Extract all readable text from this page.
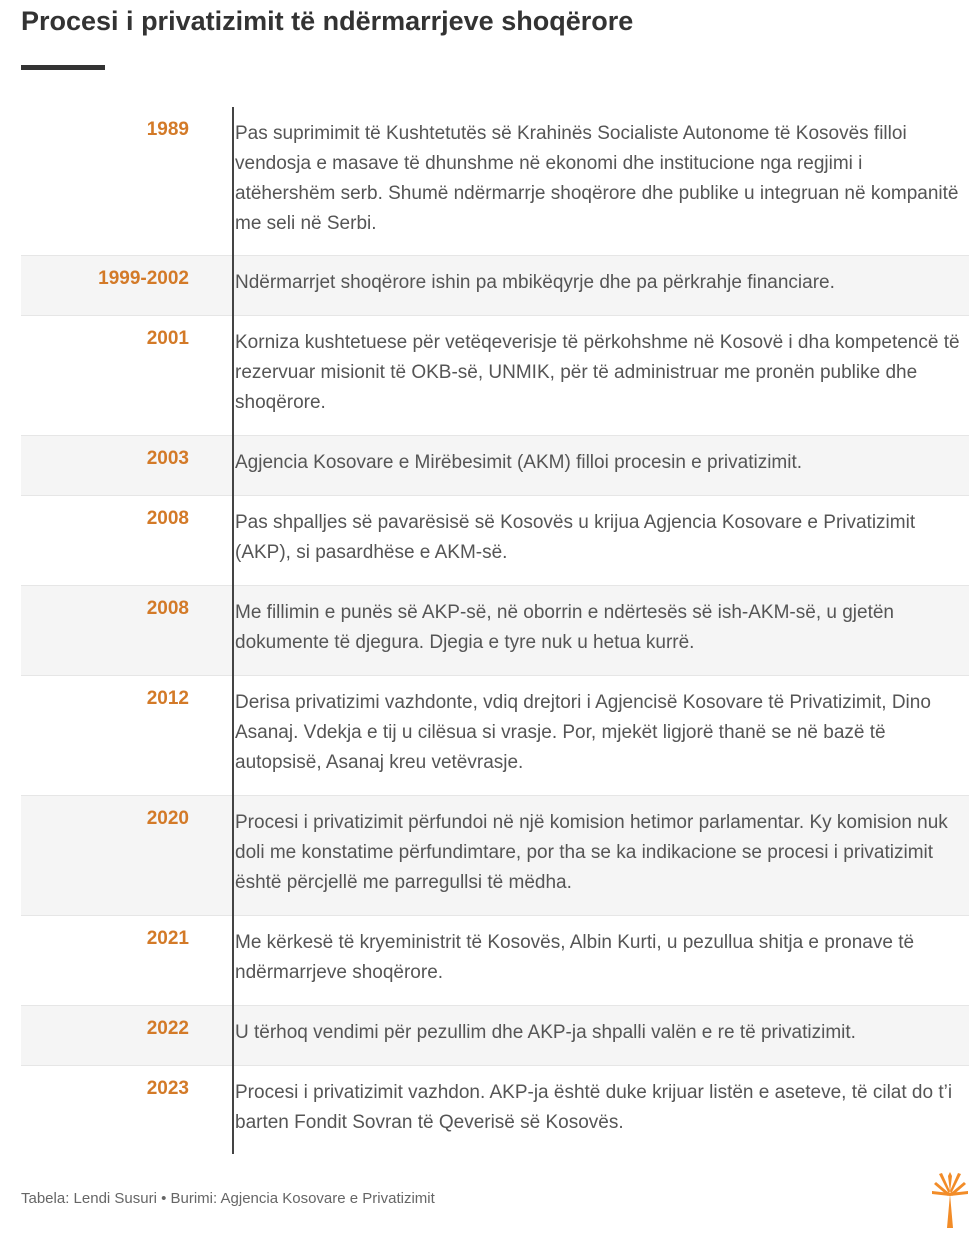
Procesi i privatizimit të ndërmarrjeve shoqërore
1989	Pas suprimimit të Kushtetutës së Krahinës Socialiste Autonome të Kosovës filloi vendosja e masave të dhunshme në ekonomi dhe institucione nga regjimi i atëhershëm serb. Shumë ndërmarrje shoqërore dhe publike u integruan në kompanitë me seli në Serbi.
1999-2002	Ndërmarrjet shoqërore ishin pa mbikëqyrje dhe pa përkrahje financiare.
2001	Korniza kushtetuese për vetëqeverisje të përkohshme në Kosovë i dha kompetencë të rezervuar misionit të OKB-së, UNMIK, për të administruar me pronën publike dhe shoqërore.
2003	Agjencia Kosovare e Mirëbesimit (AKM) filloi procesin e privatizimit.
2008	Pas shpalljes së pavarësisë së Kosovës u krijua Agjencia Kosovare e Privatizimit (AKP), si pasardhëse e AKM-së.
2008	Me fillimin e punës së AKP-së, në oborrin e ndërtesës së ish-AKM-së, u gjetën dokumente të djegura. Djegia e tyre nuk u hetua kurrë.
2012	Derisa privatizimi vazhdonte, vdiq drejtori i Agjencisë Kosovare të Privatizimit, Dino Asanaj. Vdekja e tij u cilësua si vrasje. Por, mjekët ligjorë thanë se në bazë të autopsisë, Asanaj kreu vetëvrasje.
2020	Procesi i privatizimit përfundoi në një komision hetimor parlamentar. Ky komision nuk doli me konstatime përfundimtare, por tha se ka indikacione se procesi i privatizimit është përcjellë me parregullsi të mëdha.
2021	Me kërkesë të kryeministrit të Kosovës, Albin Kurti, u pezullua shitja e pronave të ndërmarrjeve shoqërore.
2022	U tërhoq vendimi për pezullim dhe AKP-ja shpalli valën e re të privatizimit.
2023	Procesi i privatizimit vazhdon. AKP-ja është duke krijuar listën e aseteve, të cilat do t’i barten Fondit Sovran të Qeverisë së Kosovës.
Tabela: Lendi Susuri • Burimi: Agjencia Kosovare e Privatizimit
